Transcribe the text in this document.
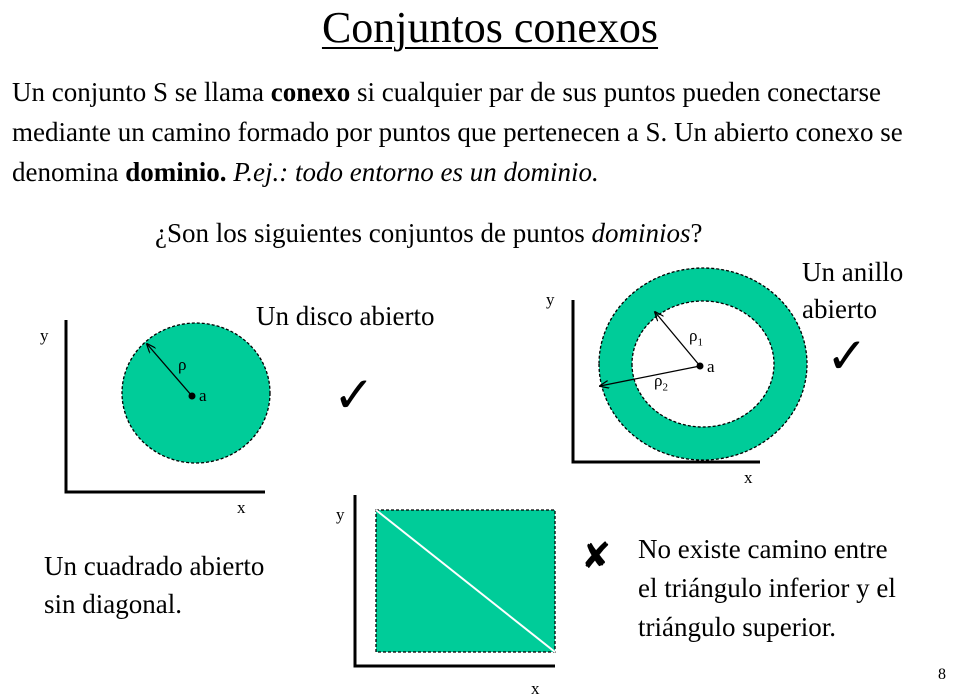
Conjuntos conexos
Un conjunto S se llama conexo si cualquier par de sus puntos pueden conectarse mediante un camino formado por puntos que pertenecen a S. Un abierto conexo se denomina dominio. P.ej.: todo entorno es un dominio.
¿Son los siguientes conjuntos de puntos dominios?
Un disco abierto
y
x
ρ
a	✓
Un anillo
abierto
y
x
$\rho_1$
$\rho_2$
a ✓
Un cuadrado abierto
sin diagonal.
y
x
✘ No existe camino entre
el triángulo inferior y el
triángulo superior.
8
